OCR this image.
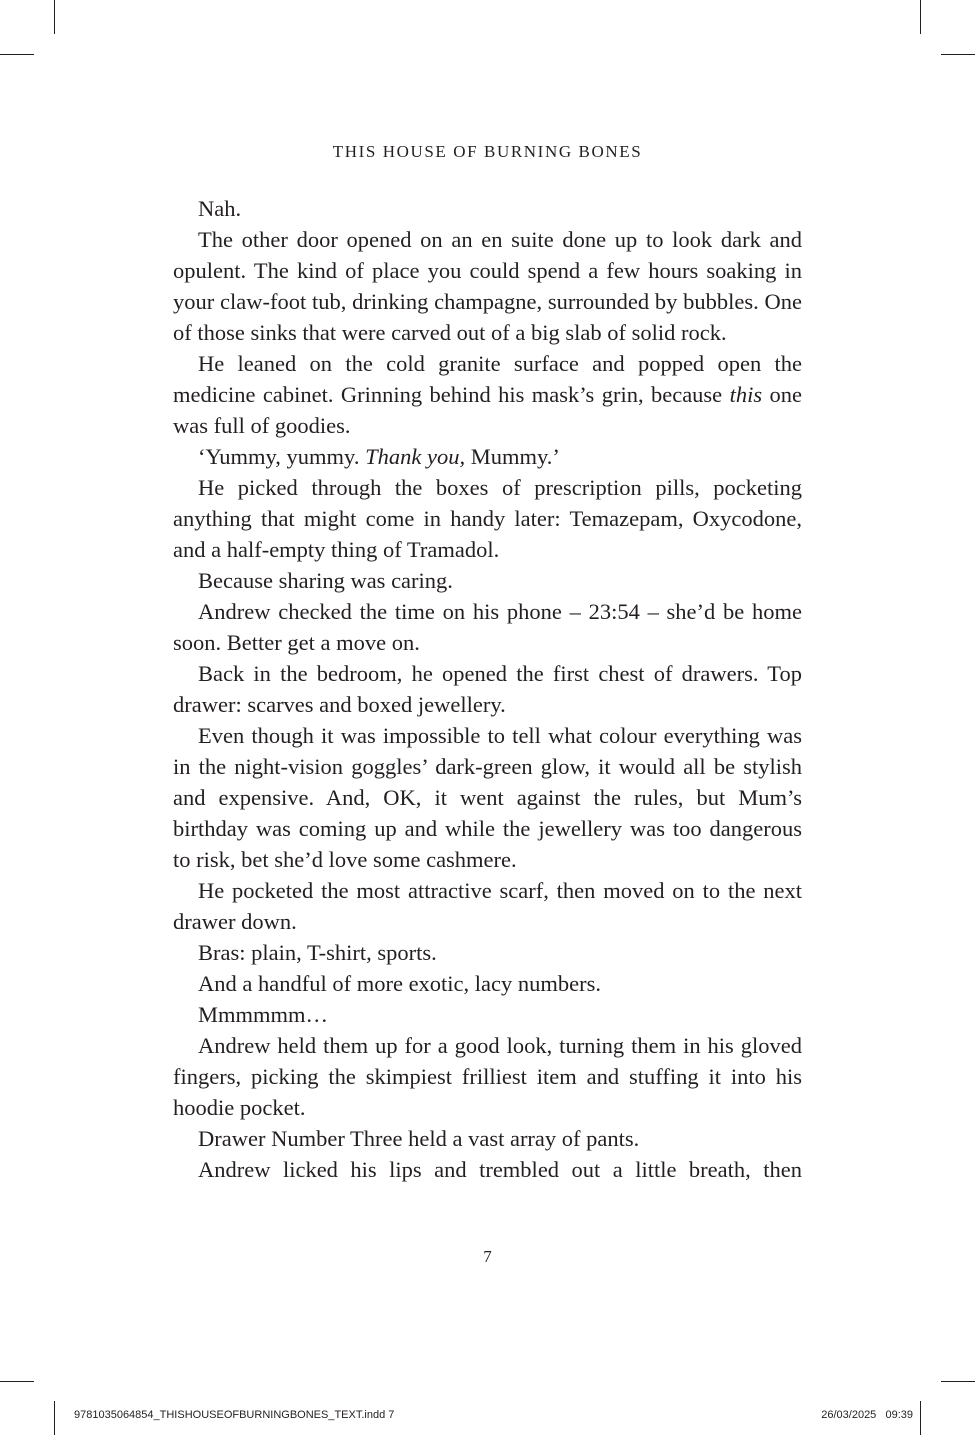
THIS HOUSE OF BURNING BONES

Nah.

The other door opened on an en suite done up to look dark and opulent. The kind of place you could spend a few hours soaking in your claw-foot tub, drinking champagne, surrounded by bubbles. One of those sinks that were carved out of a big slab of solid rock.

He leaned on the cold granite surface and popped open the medicine cabinet. Grinning behind his mask’s grin, because this one was full of goodies.

‘Yummy, yummy. Thank you, Mummy.’

He picked through the boxes of prescription pills, pocketing anything that might come in handy later: Temazepam, Oxycodone, and a half-empty thing of Tramadol.

Because sharing was caring.

Andrew checked the time on his phone – 23:54 – she’d be home soon. Better get a move on.

Back in the bedroom, he opened the first chest of drawers. Top drawer: scarves and boxed jewellery.

Even though it was impossible to tell what colour everything was in the night-vision goggles’ dark-green glow, it would all be stylish and expensive. And, OK, it went against the rules, but Mum’s birthday was coming up and while the jewellery was too dangerous to risk, bet she’d love some cashmere.

He pocketed the most attractive scarf, then moved on to the next drawer down.

Bras: plain, T-shirt, sports.

And a handful of more exotic, lacy numbers.

Mmmmmm…

Andrew held them up for a good look, turning them in his gloved fingers, picking the skimpiest frilliest item and stuffing it into his hoodie pocket.

Drawer Number Three held a vast array of pants.

Andrew licked his lips and trembled out a little breath, then

7
9781035064854_THISHOUSEOFBURNINGBONES_TEXT.indd 7	26/03/2025   09:39
